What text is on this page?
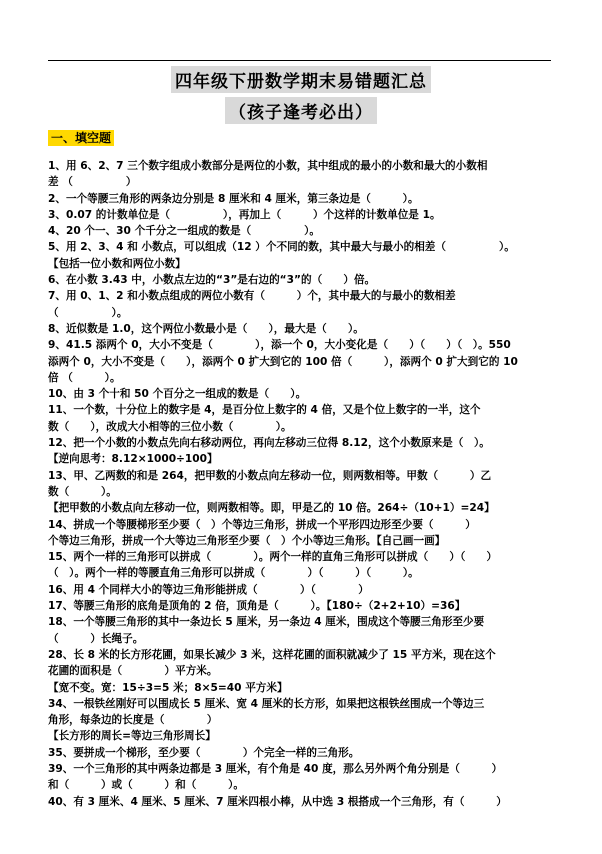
四年级下册数学期末易错题汇总
（孩子逢考必出）
一、填空题
1、用 6、2、7 三个数字组成小数部分是两位的小数，其中组成的最小的小数和最大的小数相
差 （　　　　　）
2、一个等腰三角形的两条边分别是 8 厘米和 4 厘米，第三条边是（　　　）。
3、0.07 的计数单位是（　　　　　），再加上（　　　）个这样的计数单位是 1。
4、20 个一、30 个千分之一组成的数是（　　　　　）。
5、用 2、3、4 和 小数点，可以组成（12 ）个不同的数，其中最大与最小的相差（　　　　　）。
【包括一位小数和两位小数】
6、在小数 3.43 中，小数点左边的“3”是右边的“3”的（　　）倍。
7、用 0、1、2 和小数点组成的两位小数有（　　　）个，其中最大的与最小的数相差
（　　　　　）。
8、近似数是 1.0，这个两位小数最小是（　　），最大是（　　）。
9、41.5 添两个 0，大小不变是（　　　　），添一个 0，大小变化是（　　）（　　）（　）。550
添两个 0，大小不变是（　　），添两个 0 扩大到它的 100 倍（　　　），添两个 0 扩大到它的 10
倍 （　　　）。
10、由 3 个十和 50 个百分之一组成的数是（　　）。
11、一个数，十分位上的数字是 4，是百分位上数字的 4 倍，又是个位上数字的一半，这个
数（　　），改成大小相等的三位小数（　　　　）。
12、把一个小数的小数点先向右移动两位，再向左移动三位得 8.12，这个小数原来是（　）。
【逆向思考：8.12×1000÷100】
13、甲、乙两数的和是 264，把甲数的小数点向左移动一位，则两数相等。甲数（　　　）乙
数（　　　）。
【把甲数的小数点向左移动一位，则两数相等。即，甲是乙的 10 倍。264÷（10+1）=24】
14、拼成一个等腰梯形至少要（　）个等边三角形，拼成一个平形四边形至少要（　　　）
个等边三角形，拼成一个大等边三角形至少要（　）个小等边三角形。【自己画一画】
15、两个一样的三角形可以拼成（　　　　）。两个一样的直角三角形可以拼成（　　）（　　）
（　）。两个一样的等腰直角三角形可以拼成（　　　　）（　　　）（　　　）。
16、用 4 个同样大小的等边三角形能拼成（　　　　）（　　　　）
17、等腰三角形的底角是顶角的 2 倍，顶角是（　　　）。【180÷（2+2+10）=36】
18、一个等腰三角形的其中一条边长 5 厘米，另一条边 4 厘米，围成这个等腰三角形至少要
（　　　）长绳子。
28、长 8 米的长方形花圃，如果长减少 3 米，这样花圃的面积就减少了 15 平方米，现在这个
花圃的面积是（　　　　）平方米。
【宽不变。宽：15÷3=5 米；8×5=40 平方米】
34、一根铁丝刚好可以围成长 5 厘米、宽 4 厘米的长方形，如果把这根铁丝围成一个等边三
角形，每条边的长度是（　　　　）
【长方形的周长=等边三角形周长】
35、要拼成一个梯形，至少要（　　　　）个完全一样的三角形。
39、一个三角形的其中两条边都是 3 厘米，有个角是 40 度，那么另外两个角分别是（　　　）
和（　　　）或（　　　）和（　　　）。
40、有 3 厘米、4 厘米、5 厘米、7 厘米四根小棒，从中选 3 根搭成一个三角形，有（　　　）
